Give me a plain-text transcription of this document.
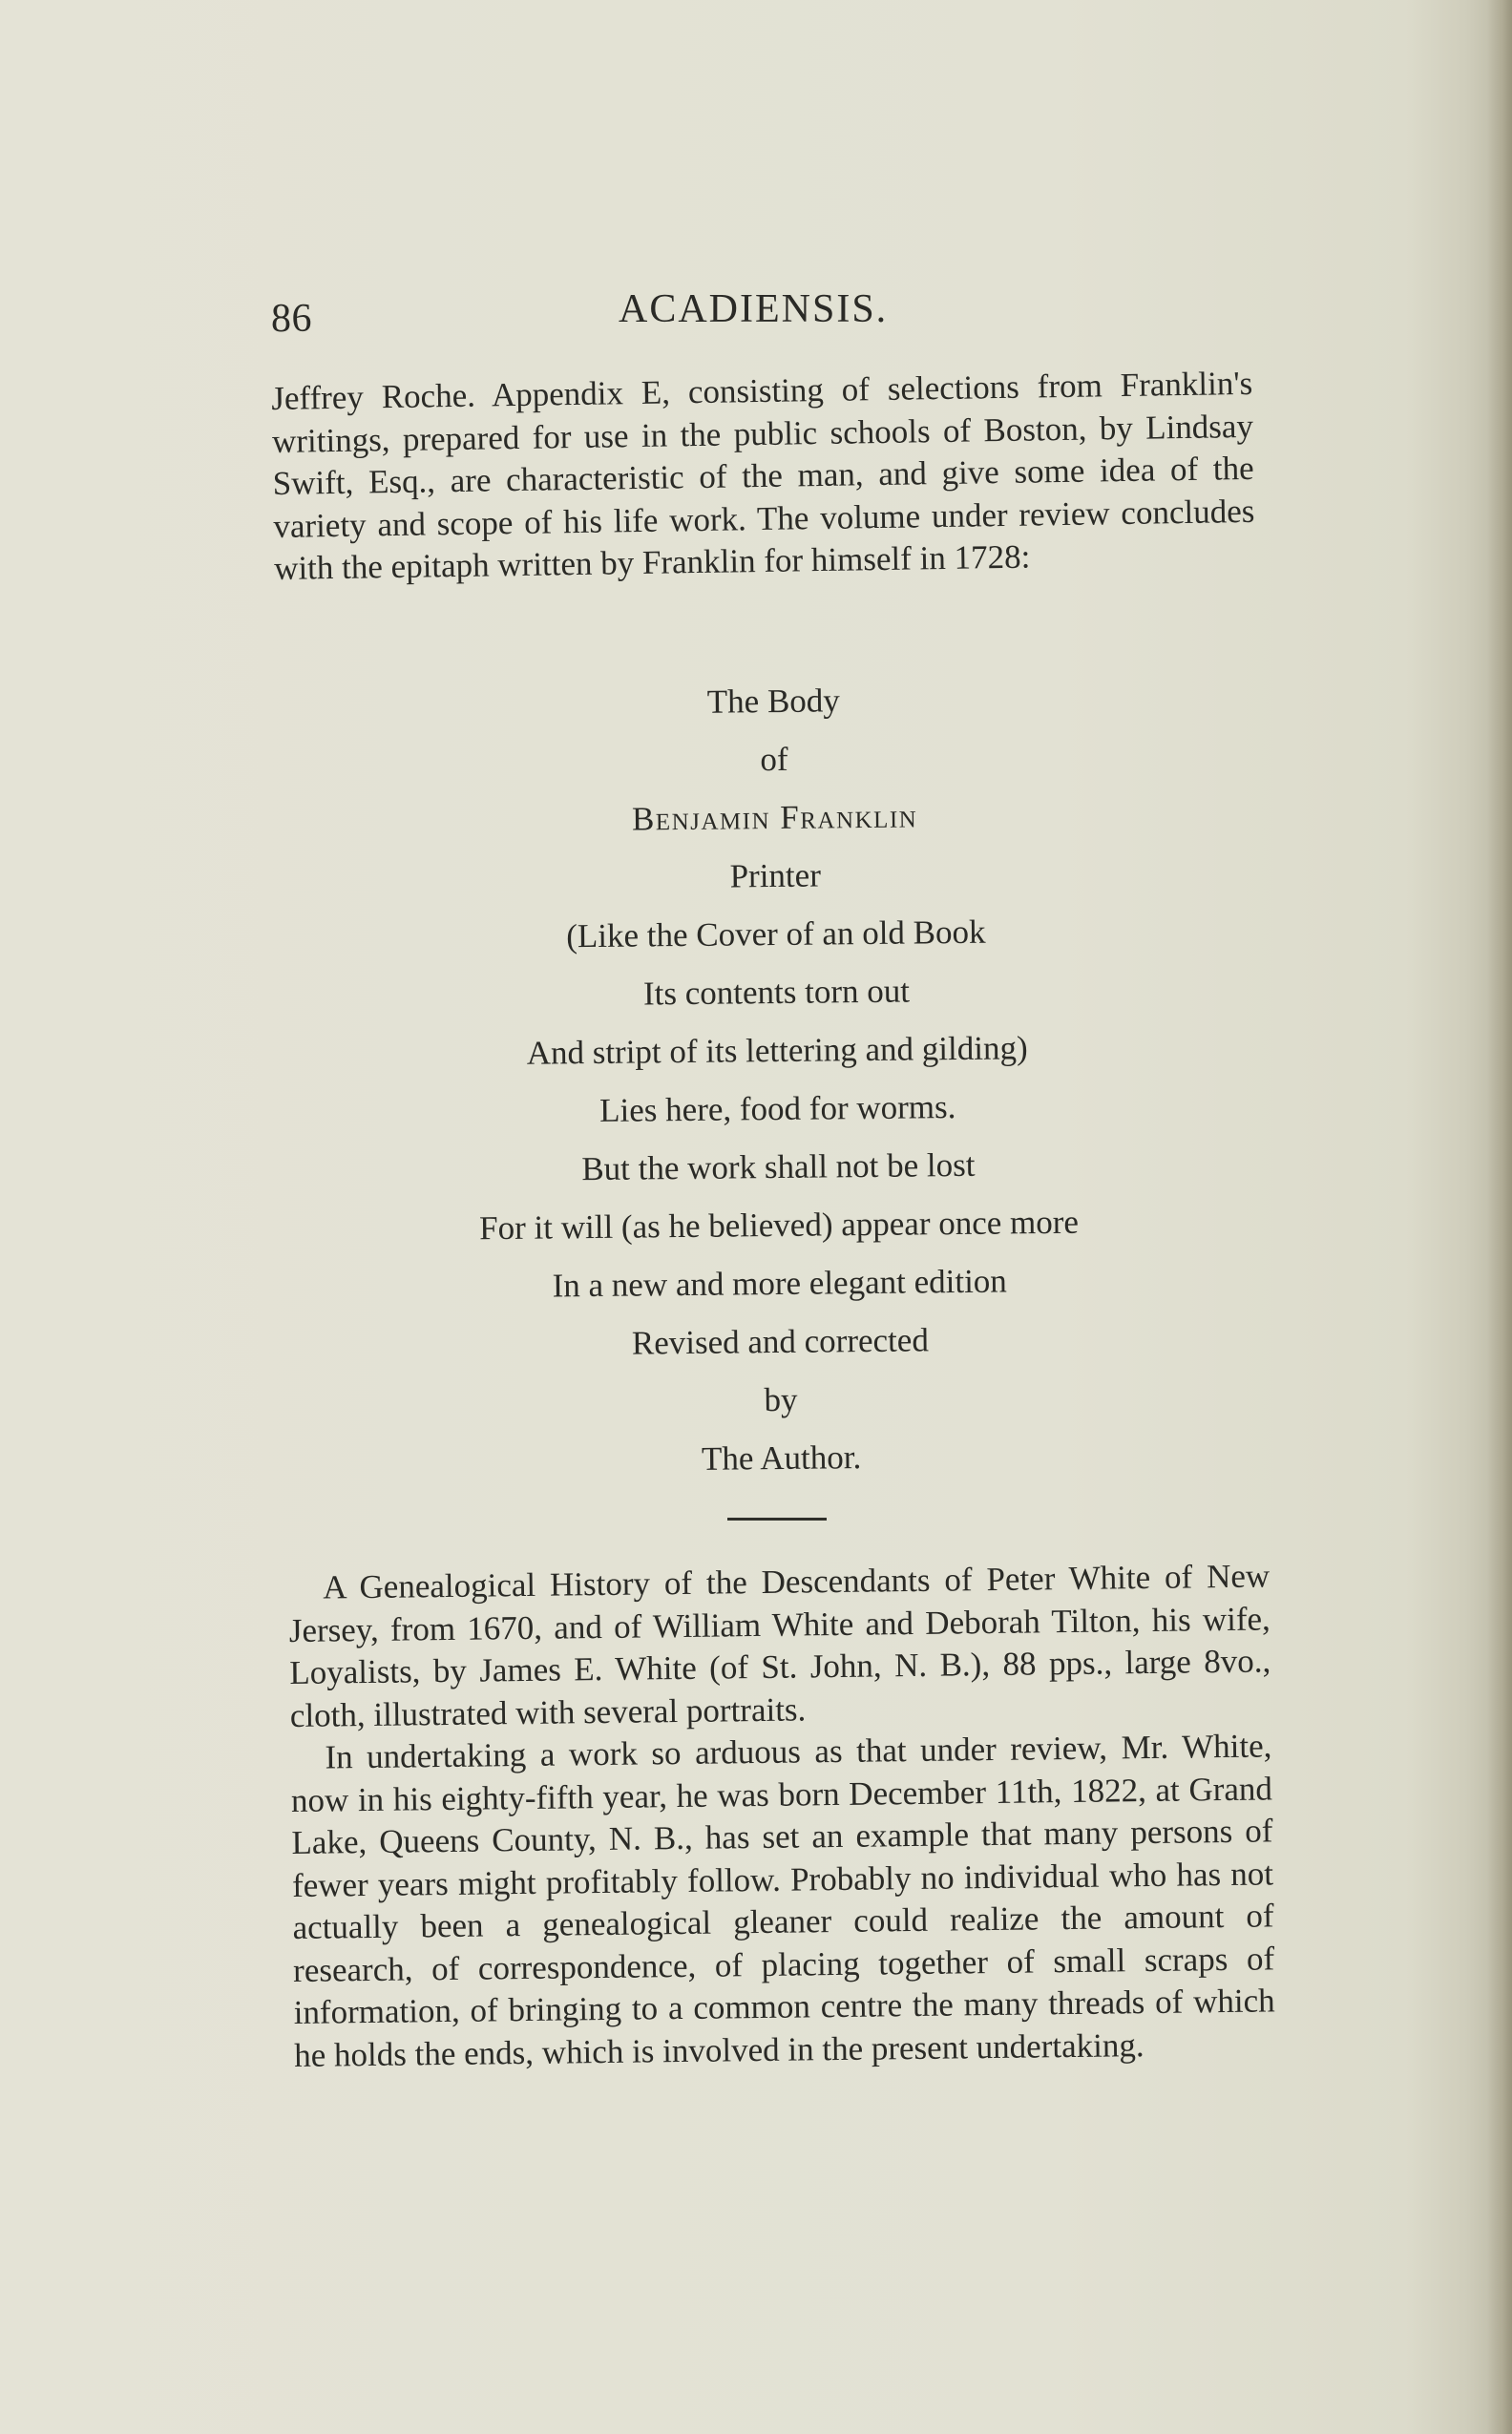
86	ACADIENSIS.

Jeffrey Roche. Appendix E, consisting of selections from Franklin's writings, prepared for use in the public schools of Boston, by Lindsay Swift, Esq., are characteristic of the man, and give some idea of the variety and scope of his life work. The volume under review concludes with the epitaph written by Franklin for himself in 1728:

The Body
of
Benjamin Franklin
Printer
(Like the Cover of an old Book
Its contents torn out
And stript of its lettering and gilding)
Lies here, food for worms.
But the work shall not be lost
For it will (as he believed) appear once more
In a new and more elegant edition
Revised and corrected
by
The Author.

A Genealogical History of the Descendants of Peter White of New Jersey, from 1670, and of William White and Deborah Tilton, his wife, Loyalists, by James E. White (of St. John, N. B.), 88 pps., large 8vo., cloth, illustrated with several portraits.

In undertaking a work so arduous as that under review, Mr. White, now in his eighty-fifth year, he was born December 11th, 1822, at Grand Lake, Queens County, N. B., has set an example that many persons of fewer years might profitably follow. Probably no individual who has not actually been a genealogical gleaner could realize the amount of research, of correspondence, of placing together of small scraps of information, of bringing to a common centre the many threads of which he holds the ends, which is involved in the present undertaking.
